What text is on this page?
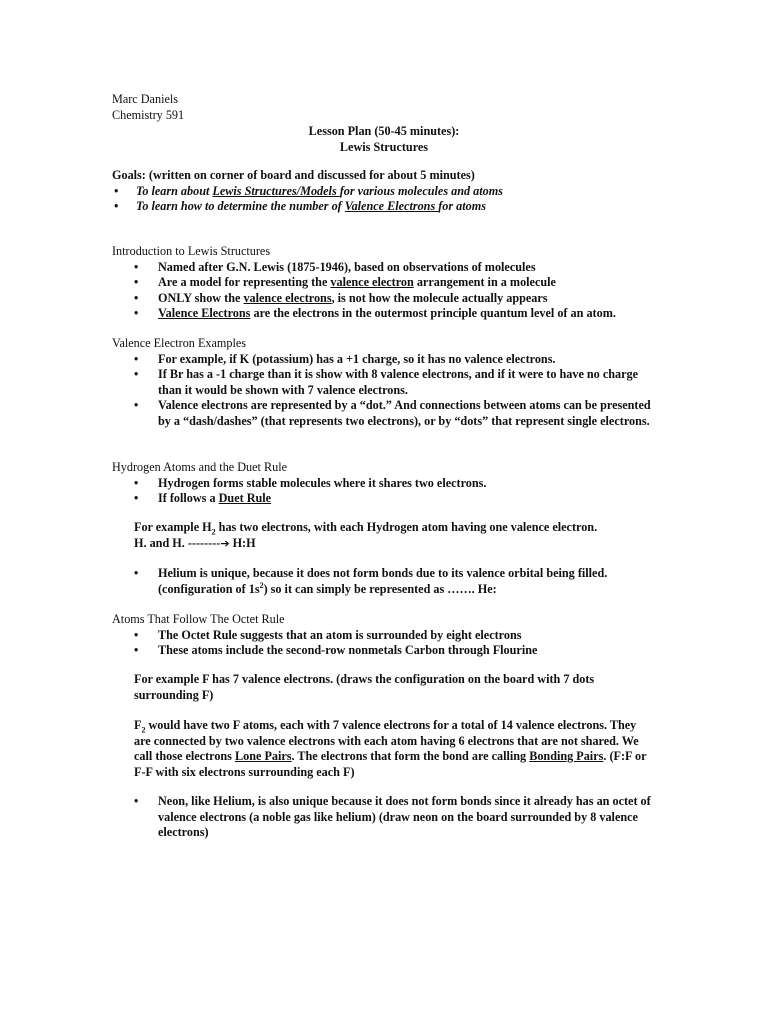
Marc Daniels
Chemistry 591
Lesson Plan (50-45 minutes):
Lewis Structures
Goals: (written on corner of board and discussed for about 5 minutes)
• To learn about Lewis Structures/Models for various molecules and atoms
• To learn how to determine the number of Valence Electrons for atoms
Introduction to Lewis Structures
• Named after G.N. Lewis (1875-1946), based on observations of molecules
• Are a model for representing the valence electron arrangement in a molecule
• ONLY show the valence electrons, is not how the molecule actually appears
• Valence Electrons are the electrons in the outermost principle quantum level of an atom.
Valence Electron Examples
• For example, if K (potassium) has a +1 charge, so it has no valence electrons.
• If Br has a -1 charge than it is show with 8 valence electrons, and if it were to have no charge than it would be shown with 7 valence electrons.
• Valence electrons are represented by a “dot.” And connections between atoms can be presented by a “dash/dashes” (that represents two electrons), or by “dots” that represent single electrons.
Hydrogen Atoms and the Duet Rule
• Hydrogen forms stable molecules where it shares two electrons.
• If follows a Duet Rule
For example $H_2$ has two electrons, with each Hydrogen atom having one valence electron.
H. and H. --------➔ H:H
• Helium is unique, because it does not form bonds due to its valence orbital being filled.
(configuration of $1s^2$) so it can simply be represented as ……. He:
Atoms That Follow The Octet Rule
• The Octet Rule suggests that an atom is surrounded by eight electrons
• These atoms include the second-row nonmetals Carbon through Flourine
For example F has 7 valence electrons. (draws the configuration on the board with 7 dots surrounding F)
$F_2$ would have two F atoms, each with 7 valence electrons for a total of 14 valence electrons. They are connected by two valence electrons with each atom having 6 electrons that are not shared. We call those electrons Lone Pairs. The electrons that form the bond are calling Bonding Pairs. (F:F or F-F with six electrons surrounding each F)
• Neon, like Helium, is also unique because it does not form bonds since it already has an octet of valence electrons (a noble gas like helium) (draw neon on the board surrounded by 8 valence electrons)
